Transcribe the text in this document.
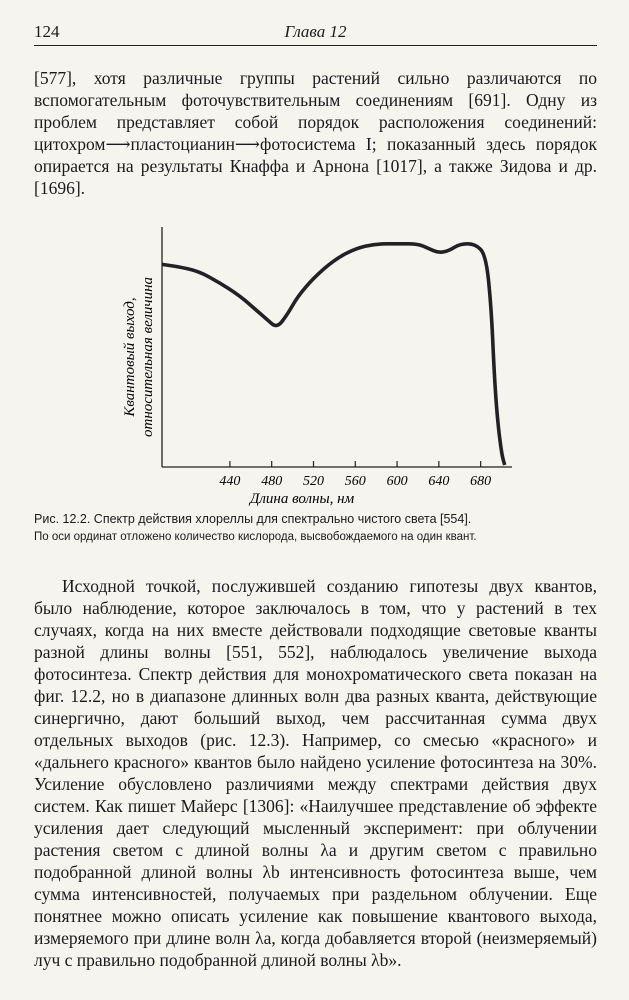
124	Глава 12

[577], хотя различные группы растений сильно различаются по вспомогательным фоточувствительным соединениям [691]. Одну из проблем представляет собой порядок расположения соединений: цитохром⟶пластоцианин⟶фотосистема I; показанный здесь порядок опирается на результаты Кнаффа и Арнона [1017], а также Зидова и др. [1696].

440 480 520 560 600 640 680
Длина волны, нм
Квантовый выход, относительная величина
Рис. 12.2. Спектр действия хлореллы для спектрально чистого света [554].
По оси ординат отложено количество кислорода, высвобождаемого на один квант.

Исходной точкой, послужившей созданию гипотезы двух квантов, было наблюдение, которое заключалось в том, что у растений в тех случаях, когда на них вместе действовали подходящие световые кванты разной длины волны [551, 552], наблюдалось увеличение выхода фотосинтеза. Спектр действия для монохроматического света показан на фиг. 12.2, но в диапазоне длинных волн два разных кванта, действующие синергично, дают больший выход, чем рассчитанная сумма двух отдельных выходов (рис. 12.3). Например, со смесью «красного» и «дальнего красного» квантов было найдено усиление фотосинтеза на 30%. Усиление обусловлено различиями между спектрами действия двух систем. Как пишет Майерс [1306]: «Наилучшее представление об эффекте усиления дает следующий мысленный эксперимент: при облучении растения светом с длиной волны λa и другим светом с правильно подобранной длиной волны λb интенсивность фотосинтеза выше, чем сумма интенсивностей, получаемых при раздельном облучении. Еще понятнее можно описать усиление как повышение квантового выхода, измеряемого при длине волн λa, когда добавляется второй (неизмеряемый) луч с правильно подобранной длиной волны λb».
